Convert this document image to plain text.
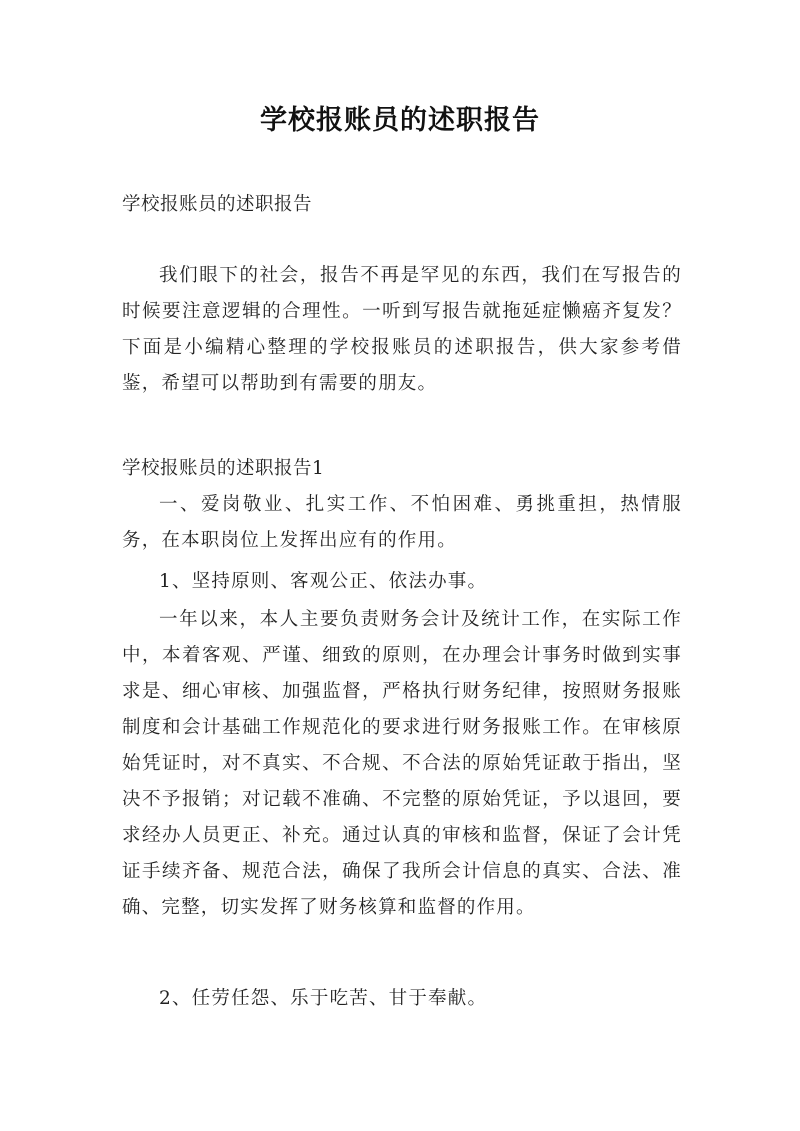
学校报账员的述职报告

学校报账员的述职报告

我们眼下的社会，报告不再是罕见的东西，我们在写报告的时候要注意逻辑的合理性。一听到写报告就拖延症懒癌齐复发？下面是小编精心整理的学校报账员的述职报告，供大家参考借鉴，希望可以帮助到有需要的朋友。

学校报账员的述职报告1

一、爱岗敬业、扎实工作、不怕困难、勇挑重担，热情服务，在本职岗位上发挥出应有的作用。

1、坚持原则、客观公正、依法办事。

一年以来，本人主要负责财务会计及统计工作，在实际工作中，本着客观、严谨、细致的原则，在办理会计事务时做到实事求是、细心审核、加强监督，严格执行财务纪律，按照财务报账制度和会计基础工作规范化的要求进行财务报账工作。在审核原始凭证时，对不真实、不合规、不合法的原始凭证敢于指出，坚决不予报销；对记载不准确、不完整的原始凭证，予以退回，要求经办人员更正、补充。通过认真的审核和监督，保证了会计凭证手续齐备、规范合法，确保了我所会计信息的真实、合法、准确、完整，切实发挥了财务核算和监督的作用。

2、任劳任怨、乐于吃苦、甘于奉献。
